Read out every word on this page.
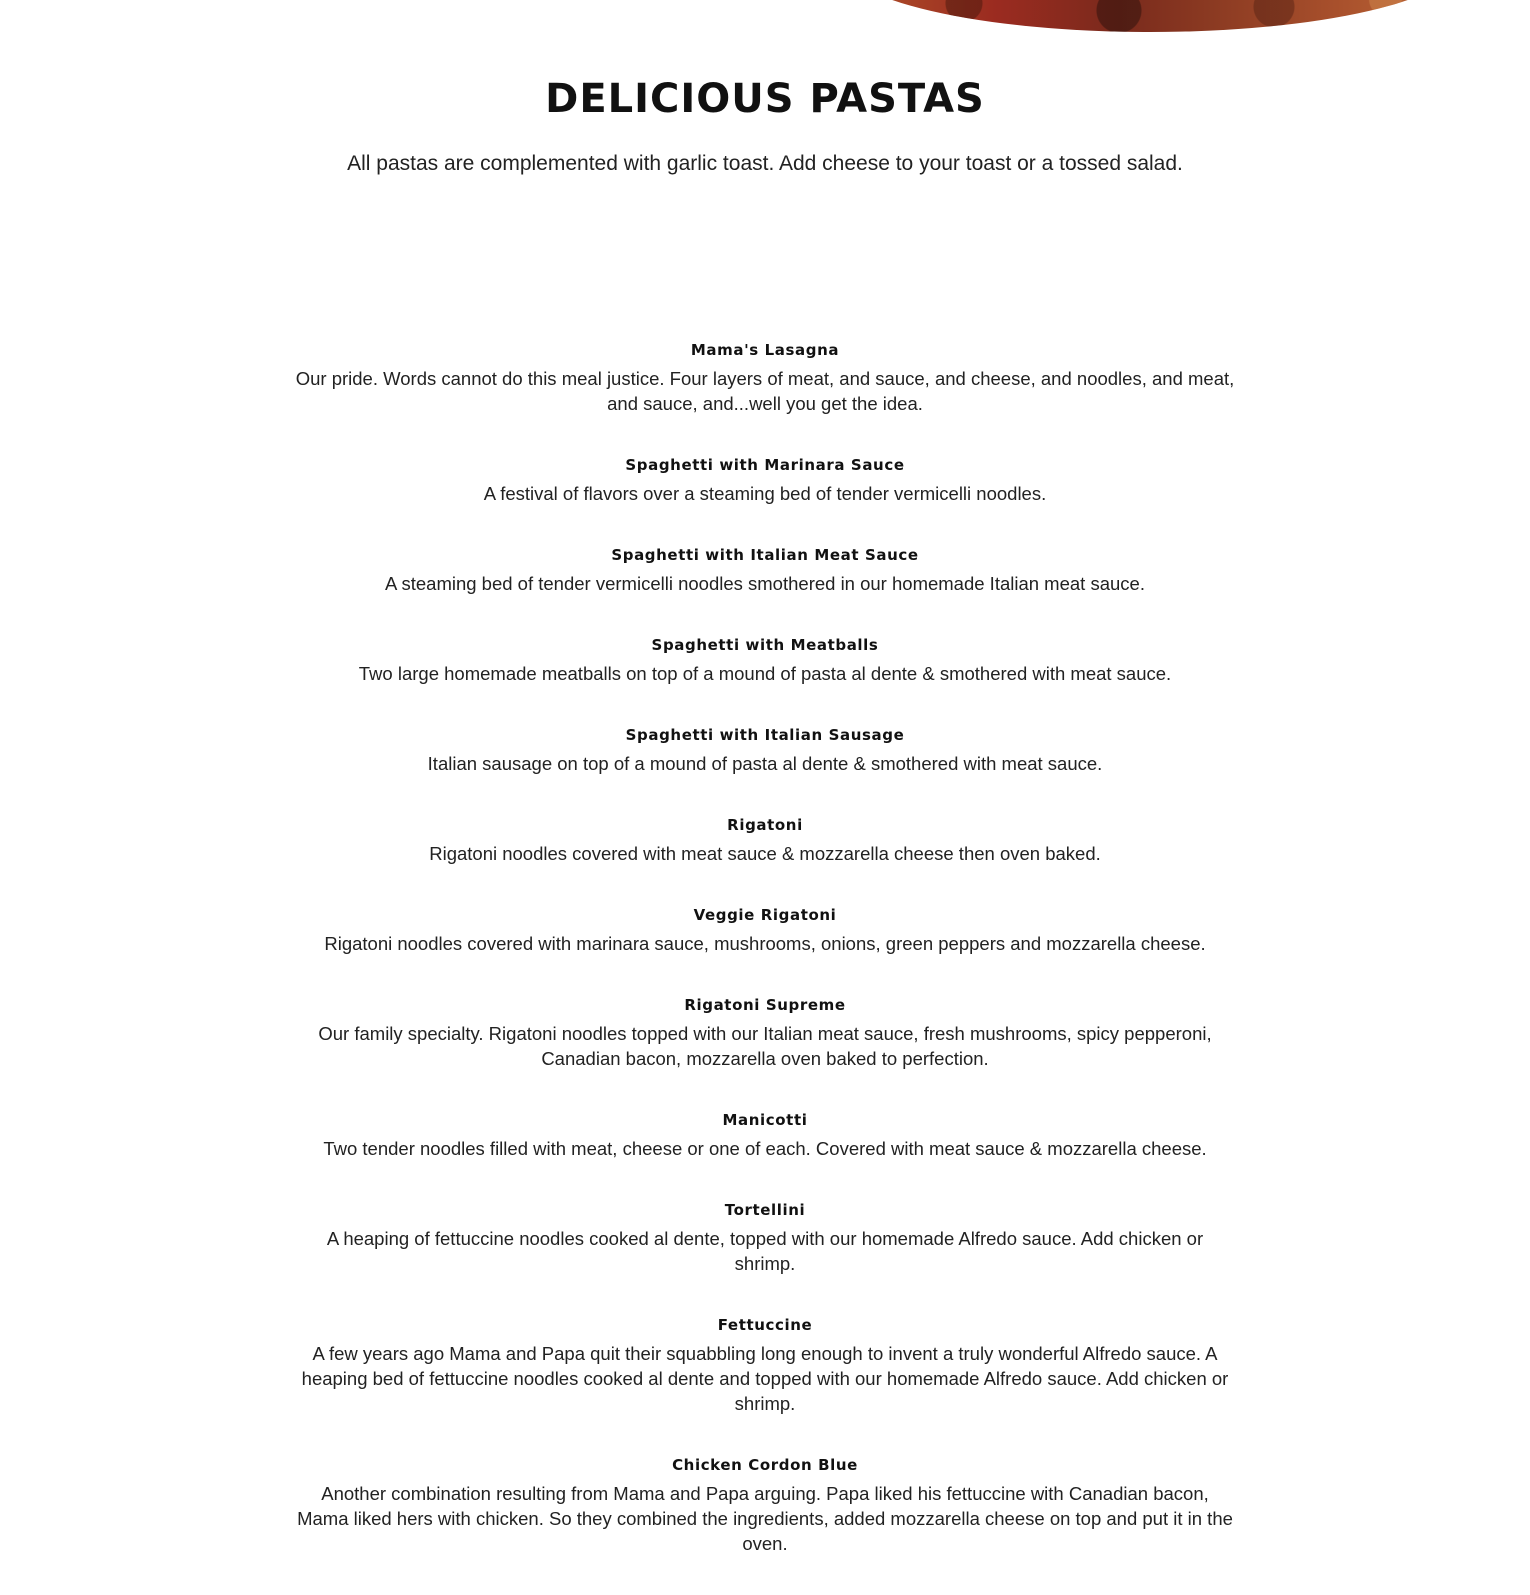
DELICIOUS PASTAS

All pastas are complemented with garlic toast. Add cheese to your toast or a tossed salad.

Mama's Lasagna
Our pride. Words cannot do this meal justice. Four layers of meat, and sauce, and cheese, and noodles, and meat, and sauce, and...well you get the idea.
Spaghetti with Marinara Sauce
A festival of flavors over a steaming bed of tender vermicelli noodles.
Spaghetti with Italian Meat Sauce
A steaming bed of tender vermicelli noodles smothered in our homemade Italian meat sauce.
Spaghetti with Meatballs
Two large homemade meatballs on top of a mound of pasta al dente & smothered with meat sauce.
Spaghetti with Italian Sausage
Italian sausage on top of a mound of pasta al dente & smothered with meat sauce.
Rigatoni
Rigatoni noodles covered with meat sauce & mozzarella cheese then oven baked.
Veggie Rigatoni
Rigatoni noodles covered with marinara sauce, mushrooms, onions, green peppers and mozzarella cheese.
Rigatoni Supreme
Our family specialty. Rigatoni noodles topped with our Italian meat sauce, fresh mushrooms, spicy pepperoni, Canadian bacon, mozzarella oven baked to perfection.
Manicotti
Two tender noodles filled with meat, cheese or one of each. Covered with meat sauce & mozzarella cheese.
Tortellini
A heaping of fettuccine noodles cooked al dente, topped with our homemade Alfredo sauce. Add chicken or shrimp.
Fettuccine
A few years ago Mama and Papa quit their squabbling long enough to invent a truly wonderful Alfredo sauce. A heaping bed of fettuccine noodles cooked al dente and topped with our homemade Alfredo sauce. Add chicken or shrimp.
Chicken Cordon Blue
Another combination resulting from Mama and Papa arguing. Papa liked his fettuccine with Canadian bacon, Mama liked hers with chicken. So they combined the ingredients, added mozzarella cheese on top and put it in the oven.
